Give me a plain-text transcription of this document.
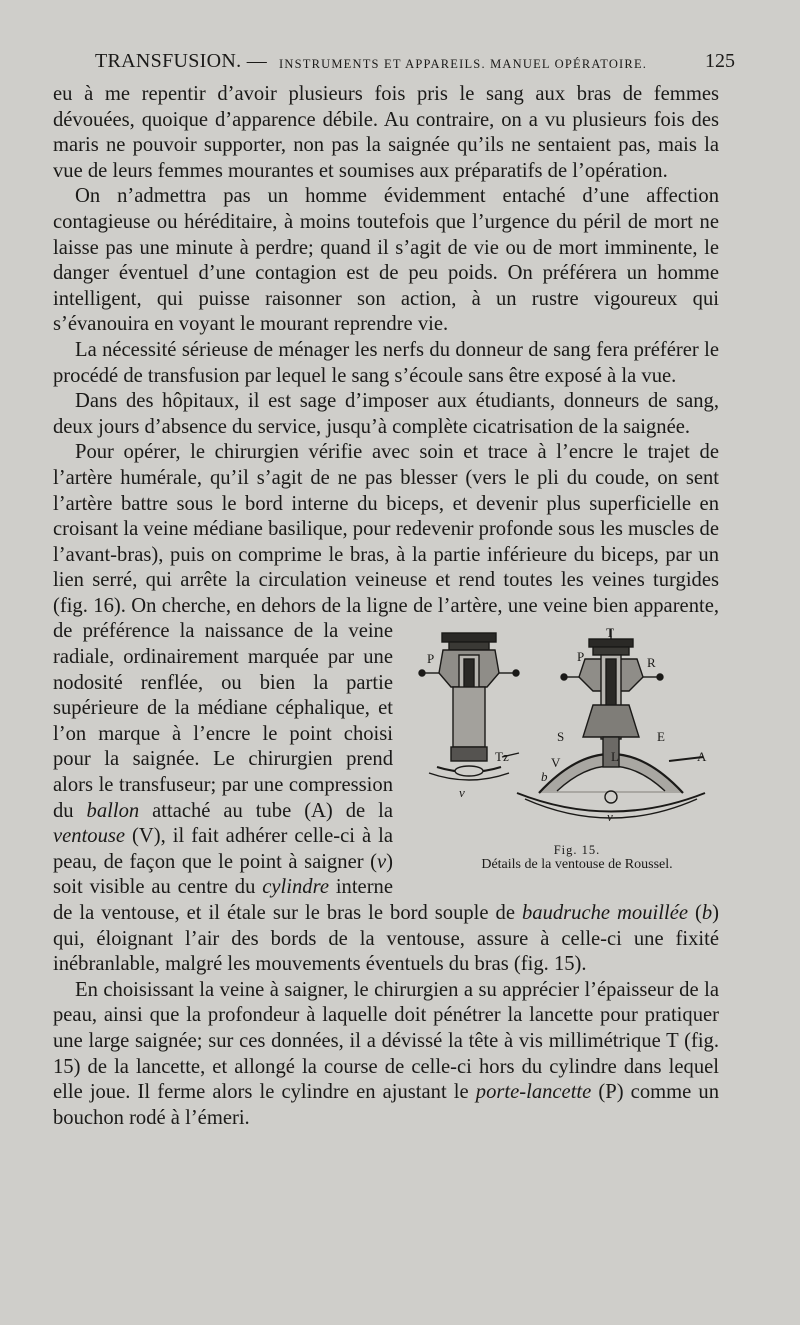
TRANSFUSION. — INSTRUMENTS ET APPAREILS. MANUEL OPÉRATOIRE.	125

eu à me repentir d’avoir plusieurs fois pris le sang aux bras de femmes dévouées, quoique d’apparence débile. Au contraire, on a vu plusieurs fois des maris ne pouvoir supporter, non pas la saignée qu’ils ne sentaient pas, mais la vue de leurs femmes mourantes et soumises aux préparatifs de l’opération.

On n’admettra pas un homme évidemment entaché d’une affection contagieuse ou héréditaire, à moins toutefois que l’urgence du péril de mort ne laisse pas une minute à perdre; quand il s’agit de vie ou de mort imminente, le danger éventuel d’une contagion est de peu poids. On préférera un homme intelligent, qui puisse raisonner son action, à un rustre vigoureux qui s’évanouira en voyant le mourant reprendre vie.

La nécessité sérieuse de ménager les nerfs du donneur de sang fera préférer le procédé de transfusion par lequel le sang s’écoule sans être exposé à la vue.

Dans des hôpitaux, il est sage d’imposer aux étudiants, donneurs de sang, deux jours d’absence du service, jusqu’à complète cicatrisation de la saignée.

Pour opérer, le chirurgien vérifie avec soin et trace à l’encre le trajet de l’artère humérale, qu’il s’agit de ne pas blesser (vers le pli du coude, on sent l’artère battre sous le bord interne du biceps, et devenir plus superficielle en croisant la veine médiane basilique, pour redevenir profonde sous les muscles de l’avant-bras), puis on comprime le bras, à la partie inférieure du biceps, par un lien serré, qui arrête la circulation veineuse et rend toutes les veines turgides (fig. 16). On cherche, en dehors de la ligne de l’artère, une veine bien apparente, de préférence la
P
Tz
v
T
P	R
S	E
V
b
L	A
v
Fig. 15.
Détails de la ventouse de Roussel.
naissance de la veine radiale, ordinairement marquée par une nodosité renflée, ou bien la partie supérieure de la médiane céphalique, et l’on marque à l’encre le point choisi pour la saignée. Le chirurgien prend alors le transfuseur; par une compression du ballon attaché au tube (A) de la ventouse (V), il fait adhérer celle-ci à la peau, de façon que le point à saigner (v) soit visible au centre du cylindre interne de la ventouse, et il étale sur le bras le bord souple de baudruche mouillée (b) qui, éloignant l’air des bords de la ventouse, assure à celle-ci une fixité inébranlable, malgré les mouvements éventuels du bras (fig. 15).

En choisissant la veine à saigner, le chirurgien a su apprécier l’épaisseur de la peau, ainsi que la profondeur à laquelle doit pénétrer la lancette pour pratiquer une large saignée; sur ces données, il a dévissé la tête à vis millimétrique T (fig. 15) de la lancette, et allongé la course de celle-ci hors du cylindre dans lequel elle joue. Il ferme alors le cylindre en ajustant le porte-lancette (P) comme un bouchon rodé à l’émeri.
